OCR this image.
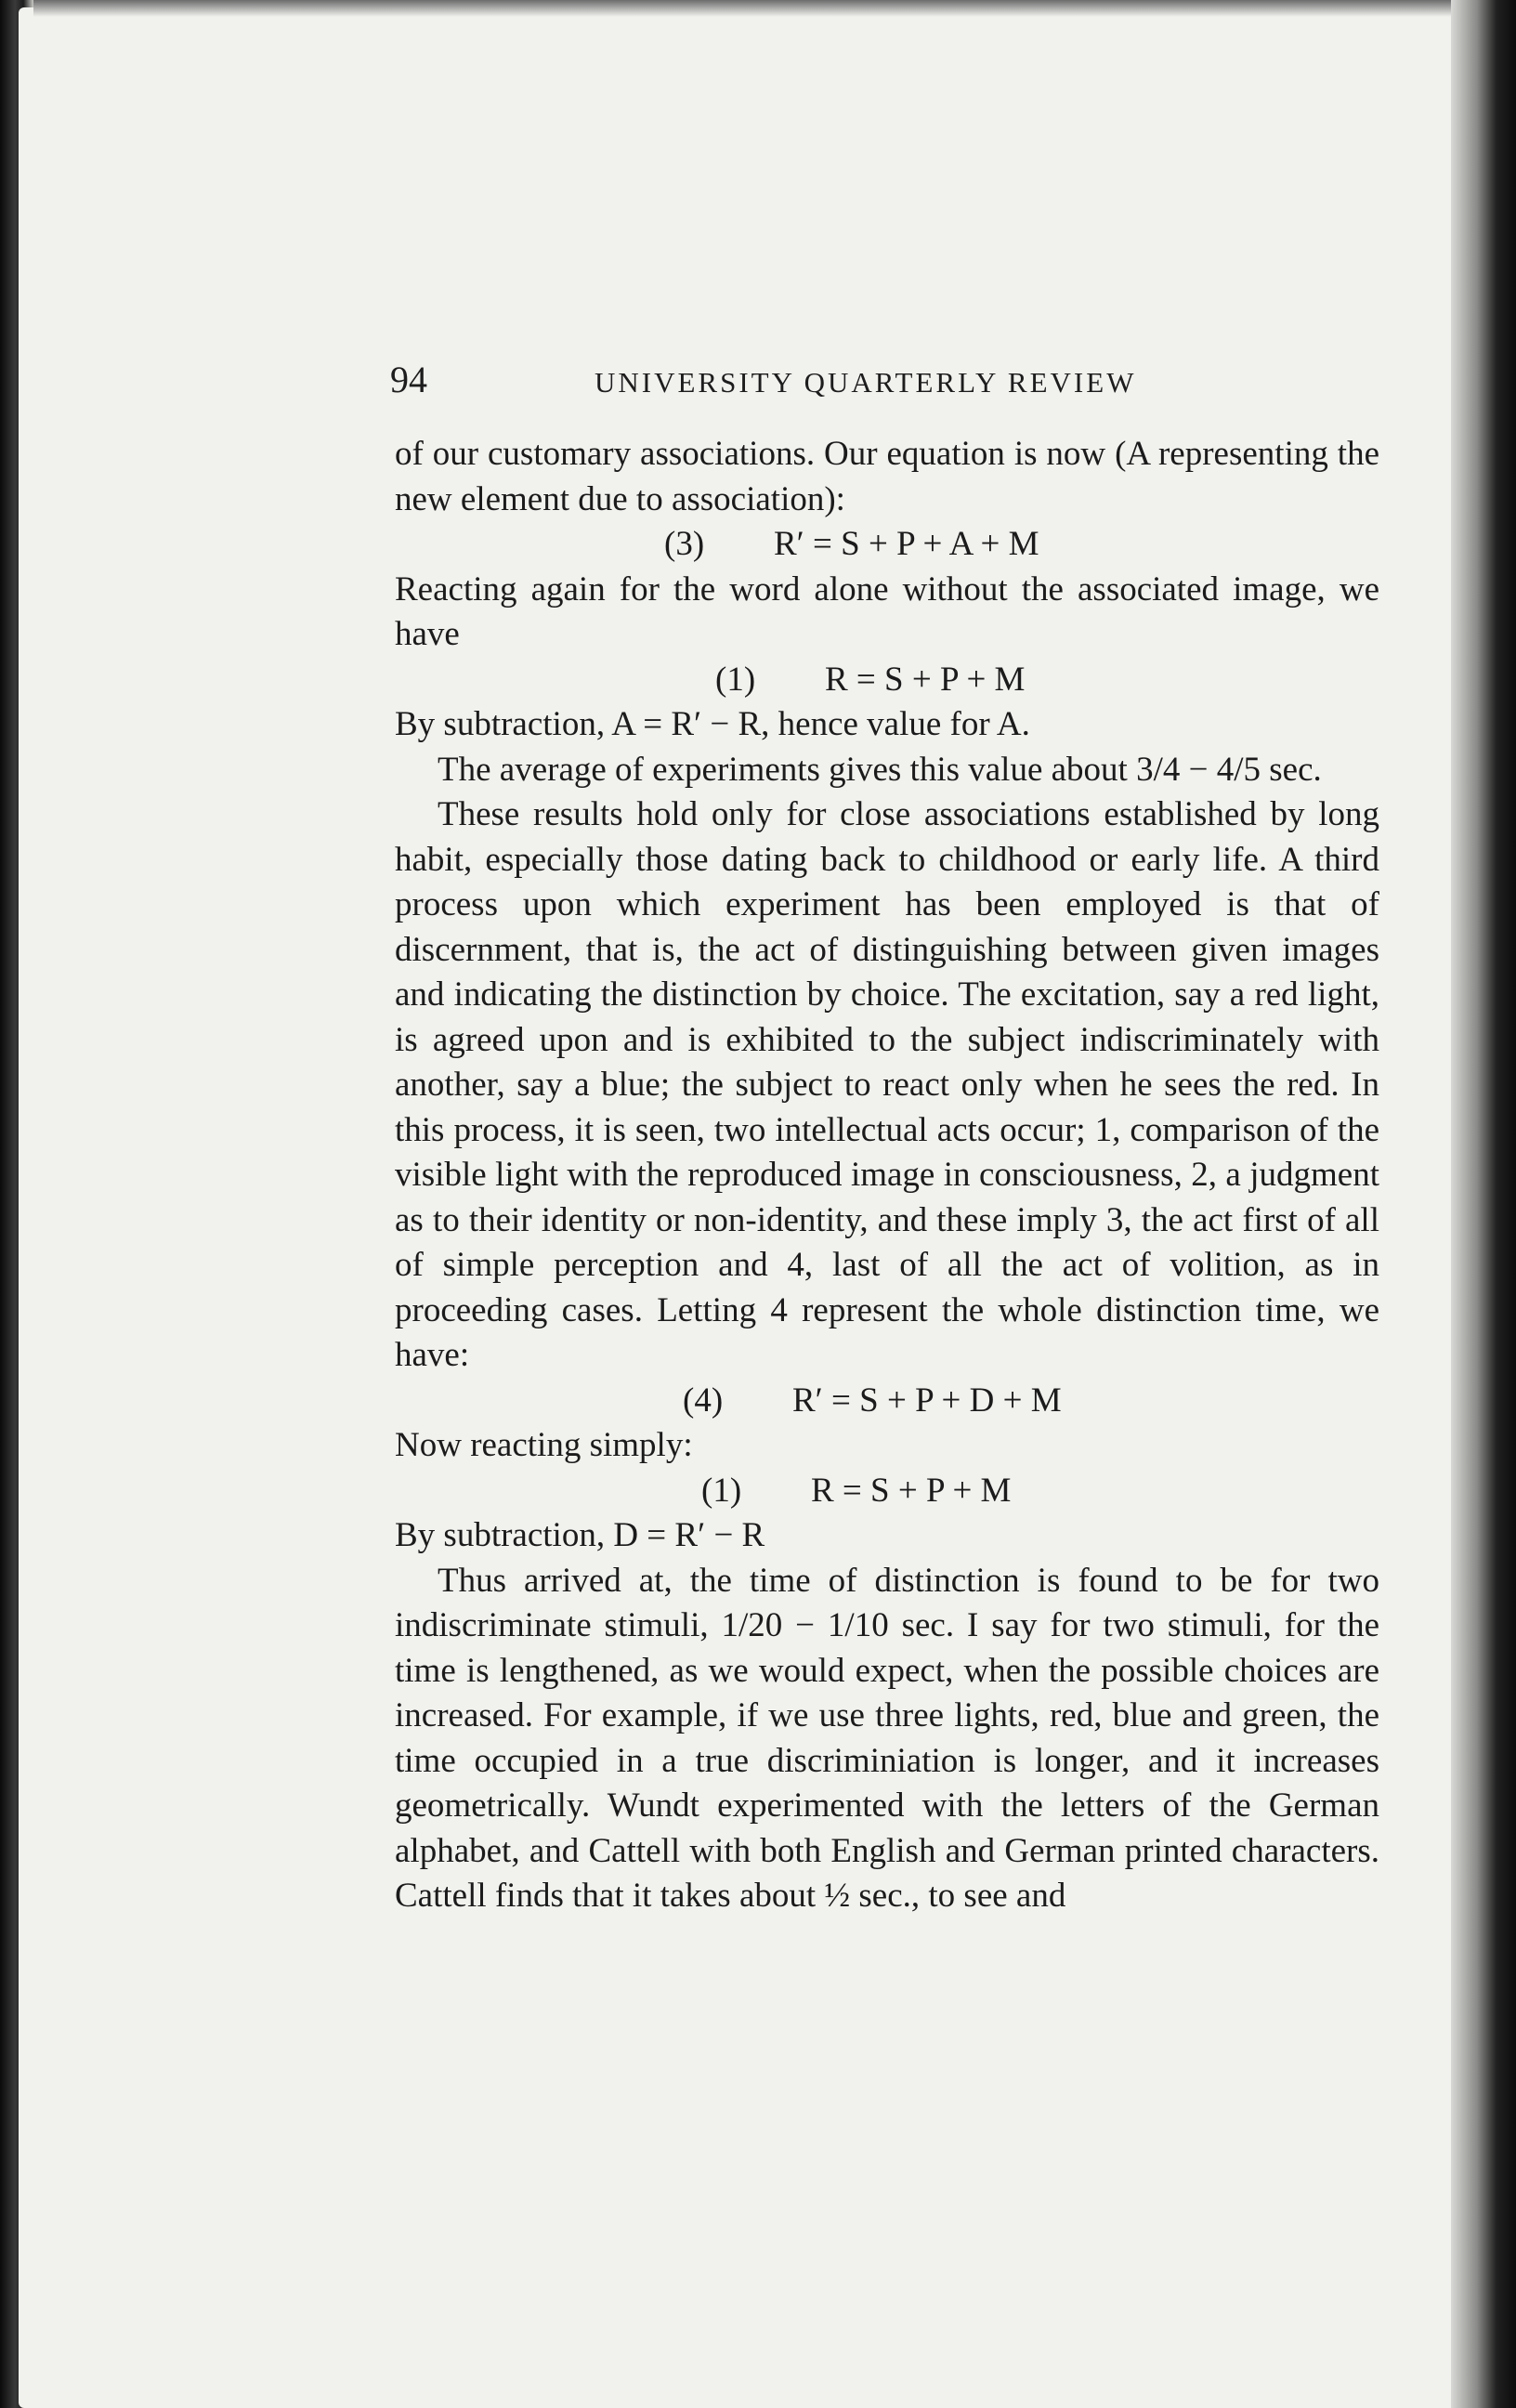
94	UNIVERSITY QUARTERLY REVIEW

of our customary associations. Our equation is now (A representing the new element due to association):

(3) R′ = S + P + A + M

Reacting again for the word alone without the associated image, we have

(1) R = S + P + M

By subtraction, A = R′ − R, hence value for A.

The average of experiments gives this value about 3/4 − 4/5 sec.

These results hold only for close associations established by long habit, especially those dating back to childhood or early life. A third process upon which experiment has been employed is that of discernment, that is, the act of distinguishing between given images and indicating the distinction by choice. The excitation, say a red light, is agreed upon and is exhibited to the subject indiscriminately with another, say a blue; the subject to react only when he sees the red. In this process, it is seen, two intellectual acts occur; 1, comparison of the visible light with the reproduced image in consciousness, 2, a judgment as to their identity or non-identity, and these imply 3, the act first of all of simple perception and 4, last of all the act of volition, as in proceeding cases. Letting 4 represent the whole distinction time, we have:

(4) R′ = S + P + D + M

Now reacting simply:

(1) R = S + P + M

By subtraction, D = R′ − R

Thus arrived at, the time of distinction is found to be for two indiscriminate stimuli, 1/20 − 1/10 sec. I say for two stimuli, for the time is lengthened, as we would expect, when the possible choices are increased. For example, if we use three lights, red, blue and green, the time occupied in a true discriminiation is longer, and it increases geometrically. Wundt experimented with the letters of the German alphabet, and Cattell with both English and German printed characters. Cattell finds that it takes about ½ sec., to see and
